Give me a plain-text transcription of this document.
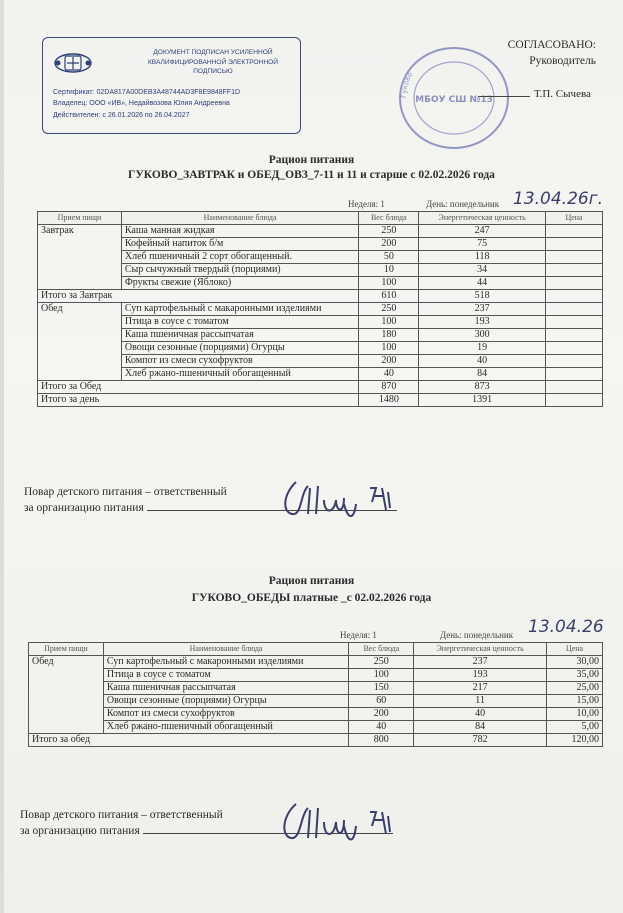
ДОКУМЕНТ ПОДПИСАН УСИЛЕННОЙ КВАЛИФИЦИРОВАННОЙ ЭЛЕКТРОННОЙ ПОДПИСЬЮ
Сертификат: 02DA817A00DEB3A48744AD3F8E9848FF1D
Владелец: ООО «ИВ», Недайвозова Юлия Андреевна
Действителен: с 26.01.2026 по 26.04.2027
Гуково
МБОУ СШ №13
СОГЛАСОВАНО:
Руководитель
Т.П. Сычева
Рацион питания
ГУКОВО_ЗАВТРАК и ОБЕД_ОВЗ_7-11 и 11 и старше с 02.02.2026 года
Неделя: 1	День: понедельник 13.04.26г.
Прием пищи	Наименование блюда	Вес блюда	Энергетическая ценность	Цена
Завтрак	Каша манная жидкая	250	247	
	Кофейный напиток б/м	200	75	
	Хлеб пшеничный 2 сорт обогащенный.	50	118	
	Сыр сычужный твердый (порциями)	10	34	
	Фрукты свежие (Яблоко)	100	44	
Итого за Завтрак		610	518	
Обед	Суп картофельный с макаронными изделиями	250	237	
	Птица в соусе с томатом	100	193	
	Каша пшеничная рассыпчатая	180	300	
	Овощи сезонные (порциями) Огурцы	100	19	
	Компот из смеси сухофруктов	200	40	
	Хлеб ржано-пшеничный обогащенный	40	84	
Итого за Обед		870	873	
Итого за день		1480	1391	
Повар детского питания – ответственный
за организацию питания
Рацион питания
ГУКОВО_ОБЕДЫ платные _с 02.02.2026 года
Неделя: 1	День: понедельник 13.04.26
Прием пищи	Наименование блюда	Вес блюда	Энергетическая ценность	Цена
Обед	Суп картофельный с макаронными изделиями	250	237	30,00
	Птица в соусе с томатом	100	193	35,00
	Каша пшеничная рассыпчатая	150	217	25,00
	Овощи сезонные (порциями) Огурцы	60	11	15,00
	Компот из смеси сухофруктов	200	40	10,00
	Хлеб ржано-пшеничный обогащенный	40	84	5,00
Итого за обед		800	782	120,00
Повар детского питания – ответственный
за организацию питания
